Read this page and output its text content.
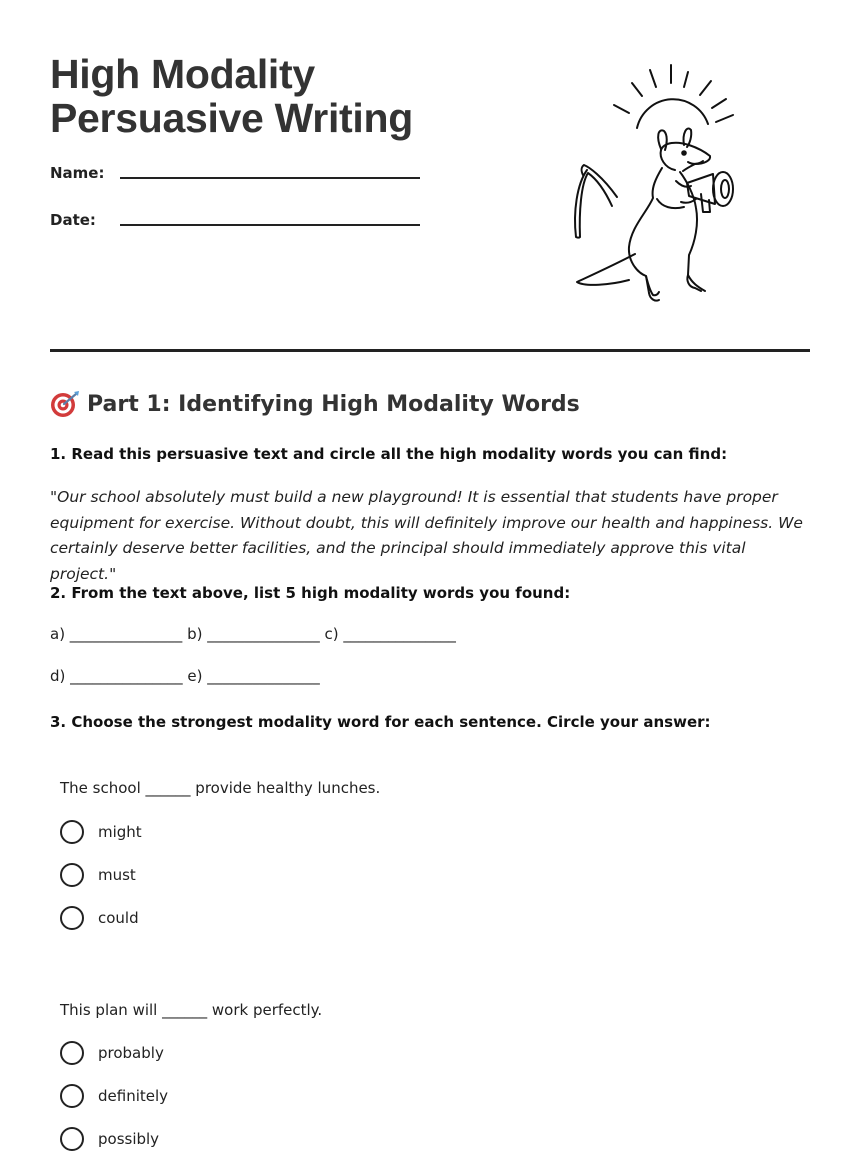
High Modality
Persuasive Writing
Name:
Date:
Part 1: Identifying High Modality Words
1. Read this persuasive text and circle all the high modality words you can find:

"Our school absolutely must build a new playground! It is essential that students have proper equipment for exercise. Without doubt, this will definitely improve our health and happiness. We certainly deserve better facilities, and the principal should immediately approve this vital project."

2. From the text above, list 5 high modality words you found:
a) _______________ b) _______________ c) _______________
d) _______________ e) _______________
3. Choose the strongest modality word for each sentence. Circle your answer:
The school ______ provide healthy lunches.
might
must
could
This plan will ______ work perfectly.
probably
definitely
possibly
